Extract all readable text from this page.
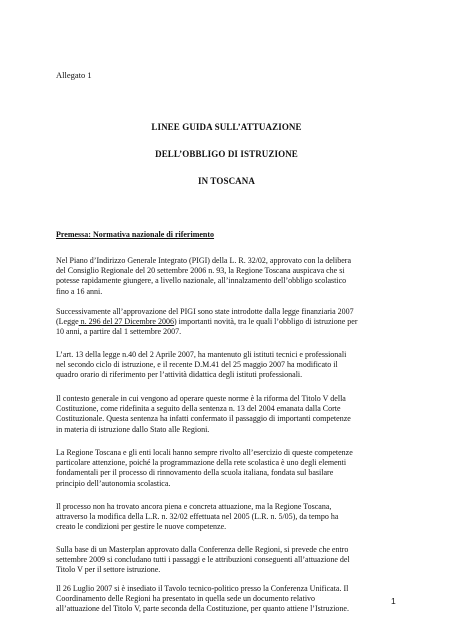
Allegato 1
LINEE GUIDA SULL’ATTUAZIONE
DELL’OBBLIGO DI ISTRUZIONE
IN TOSCANA
Premessa: Normativa nazionale di riferimento
Nel Piano d’Indirizzo Generale Integrato (PIGI) della L. R. 32/02, approvato con la delibera
del Consiglio Regionale del 20 settembre 2006 n. 93, la Regione Toscana auspicava che si
potesse rapidamente giungere, a livello nazionale, all’innalzamento dell’obbligo scolastico
fino a 16 anni.
Successivamente all’approvazione del PIGI sono state introdotte dalla legge finanziaria 2007
(Legge n. 296 del 27 Dicembre 2006) importanti novità, tra le quali l’obbligo di istruzione per
10 anni, a partire dal 1 settembre 2007.
L’art. 13 della legge n.40 del 2 Aprile 2007, ha mantenuto gli istituti tecnici e professionali
nel secondo ciclo di istruzione, e il recente D.M.41 del 25 maggio 2007 ha modificato il
quadro orario di riferimento per l’attività didattica degli istituti professionali.
Il contesto generale in cui vengono ad operare queste norme è la riforma del Titolo V della
Costituzione, come ridefinita a seguito della sentenza n. 13 del 2004 emanata dalla Corte
Costituzionale. Questa sentenza ha infatti confermato il passaggio di importanti competenze
in materia di istruzione dallo Stato alle Regioni.
La Regione Toscana e gli enti locali hanno sempre rivolto all’esercizio di queste competenze
particolare attenzione, poiché la programmazione della rete scolastica è uno degli elementi
fondamentali per il processo di rinnovamento della scuola italiana, fondata sul basilare
principio dell’autonomia scolastica.
Il processo non ha trovato ancora piena e concreta attuazione, ma la Regione Toscana,
attraverso la modifica della L.R. n. 32/02 effettuata nel 2005 (L.R. n. 5/05), da tempo ha
creato le condizioni per gestire le nuove competenze.
Sulla base di un Masterplan approvato dalla Conferenza delle Regioni, si prevede che entro
settembre 2009 si concludano tutti i passaggi e le attribuzioni conseguenti all’attuazione del
Titolo V per il settore istruzione.
Il 26 Luglio 2007 si è insediato il Tavolo tecnico-politico presso la Conferenza Unificata. Il
Coordinamento delle Regioni ha presentato in quella sede un documento relativo
all’attuazione del Titolo V, parte seconda della Costituzione, per quanto attiene l’Istruzione.
1
